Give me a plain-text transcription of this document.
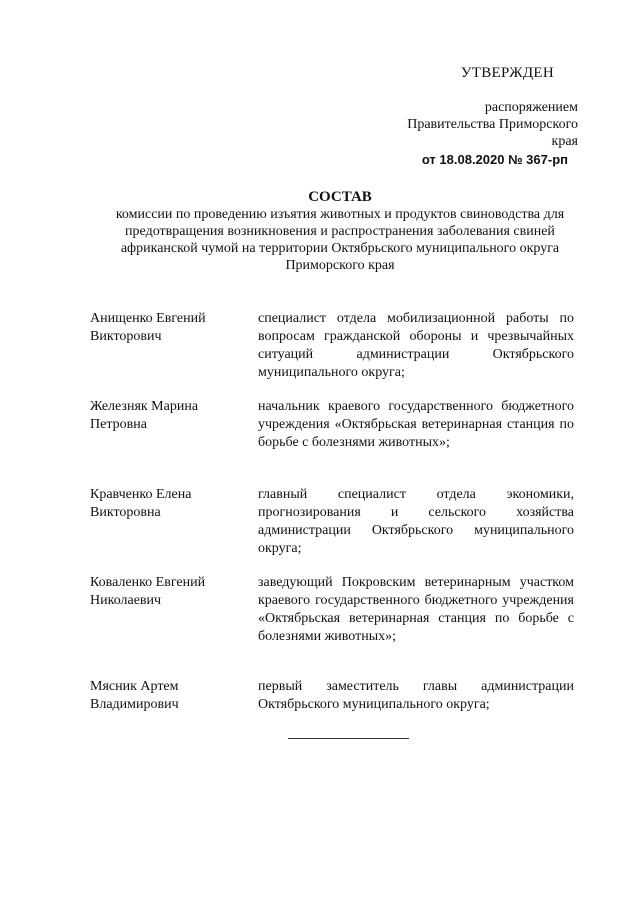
УТВЕРЖДЕН
распоряжением
Правительства Приморского края
от 18.08.2020 № 367-рп
СОСТАВ
комиссии по проведению изъятия животных и продуктов свиноводства для
предотвращения возникновения и распространения заболевания свиней
африканской чумой на территории Октябрьского муниципального округа
Приморского края
Анищенко Евгений Викторович
специалист отдела мобилизационной работы по вопросам гражданской обороны и чрезвычайных ситуаций администрации Октябрьского муниципального округа;
Железняк Марина Петровна
начальник краевого государственного бюджетного учреждения «Октябрьская ветеринарная станция по борьбе с болезнями животных»;
Кравченко Елена Викторовна
главный специалист отдела экономики, прогнозирования и сельского хозяйства администрации Октябрьского муниципального округа;
Коваленко Евгений Николаевич
заведующий Покровским ветеринарным участком краевого государственного бюджетного учреждения «Октябрьская ветеринарная станция по борьбе с болезнями животных»;
Мясник Артем Владимирович
первый заместитель главы администрации Октябрьского муниципального округа;
